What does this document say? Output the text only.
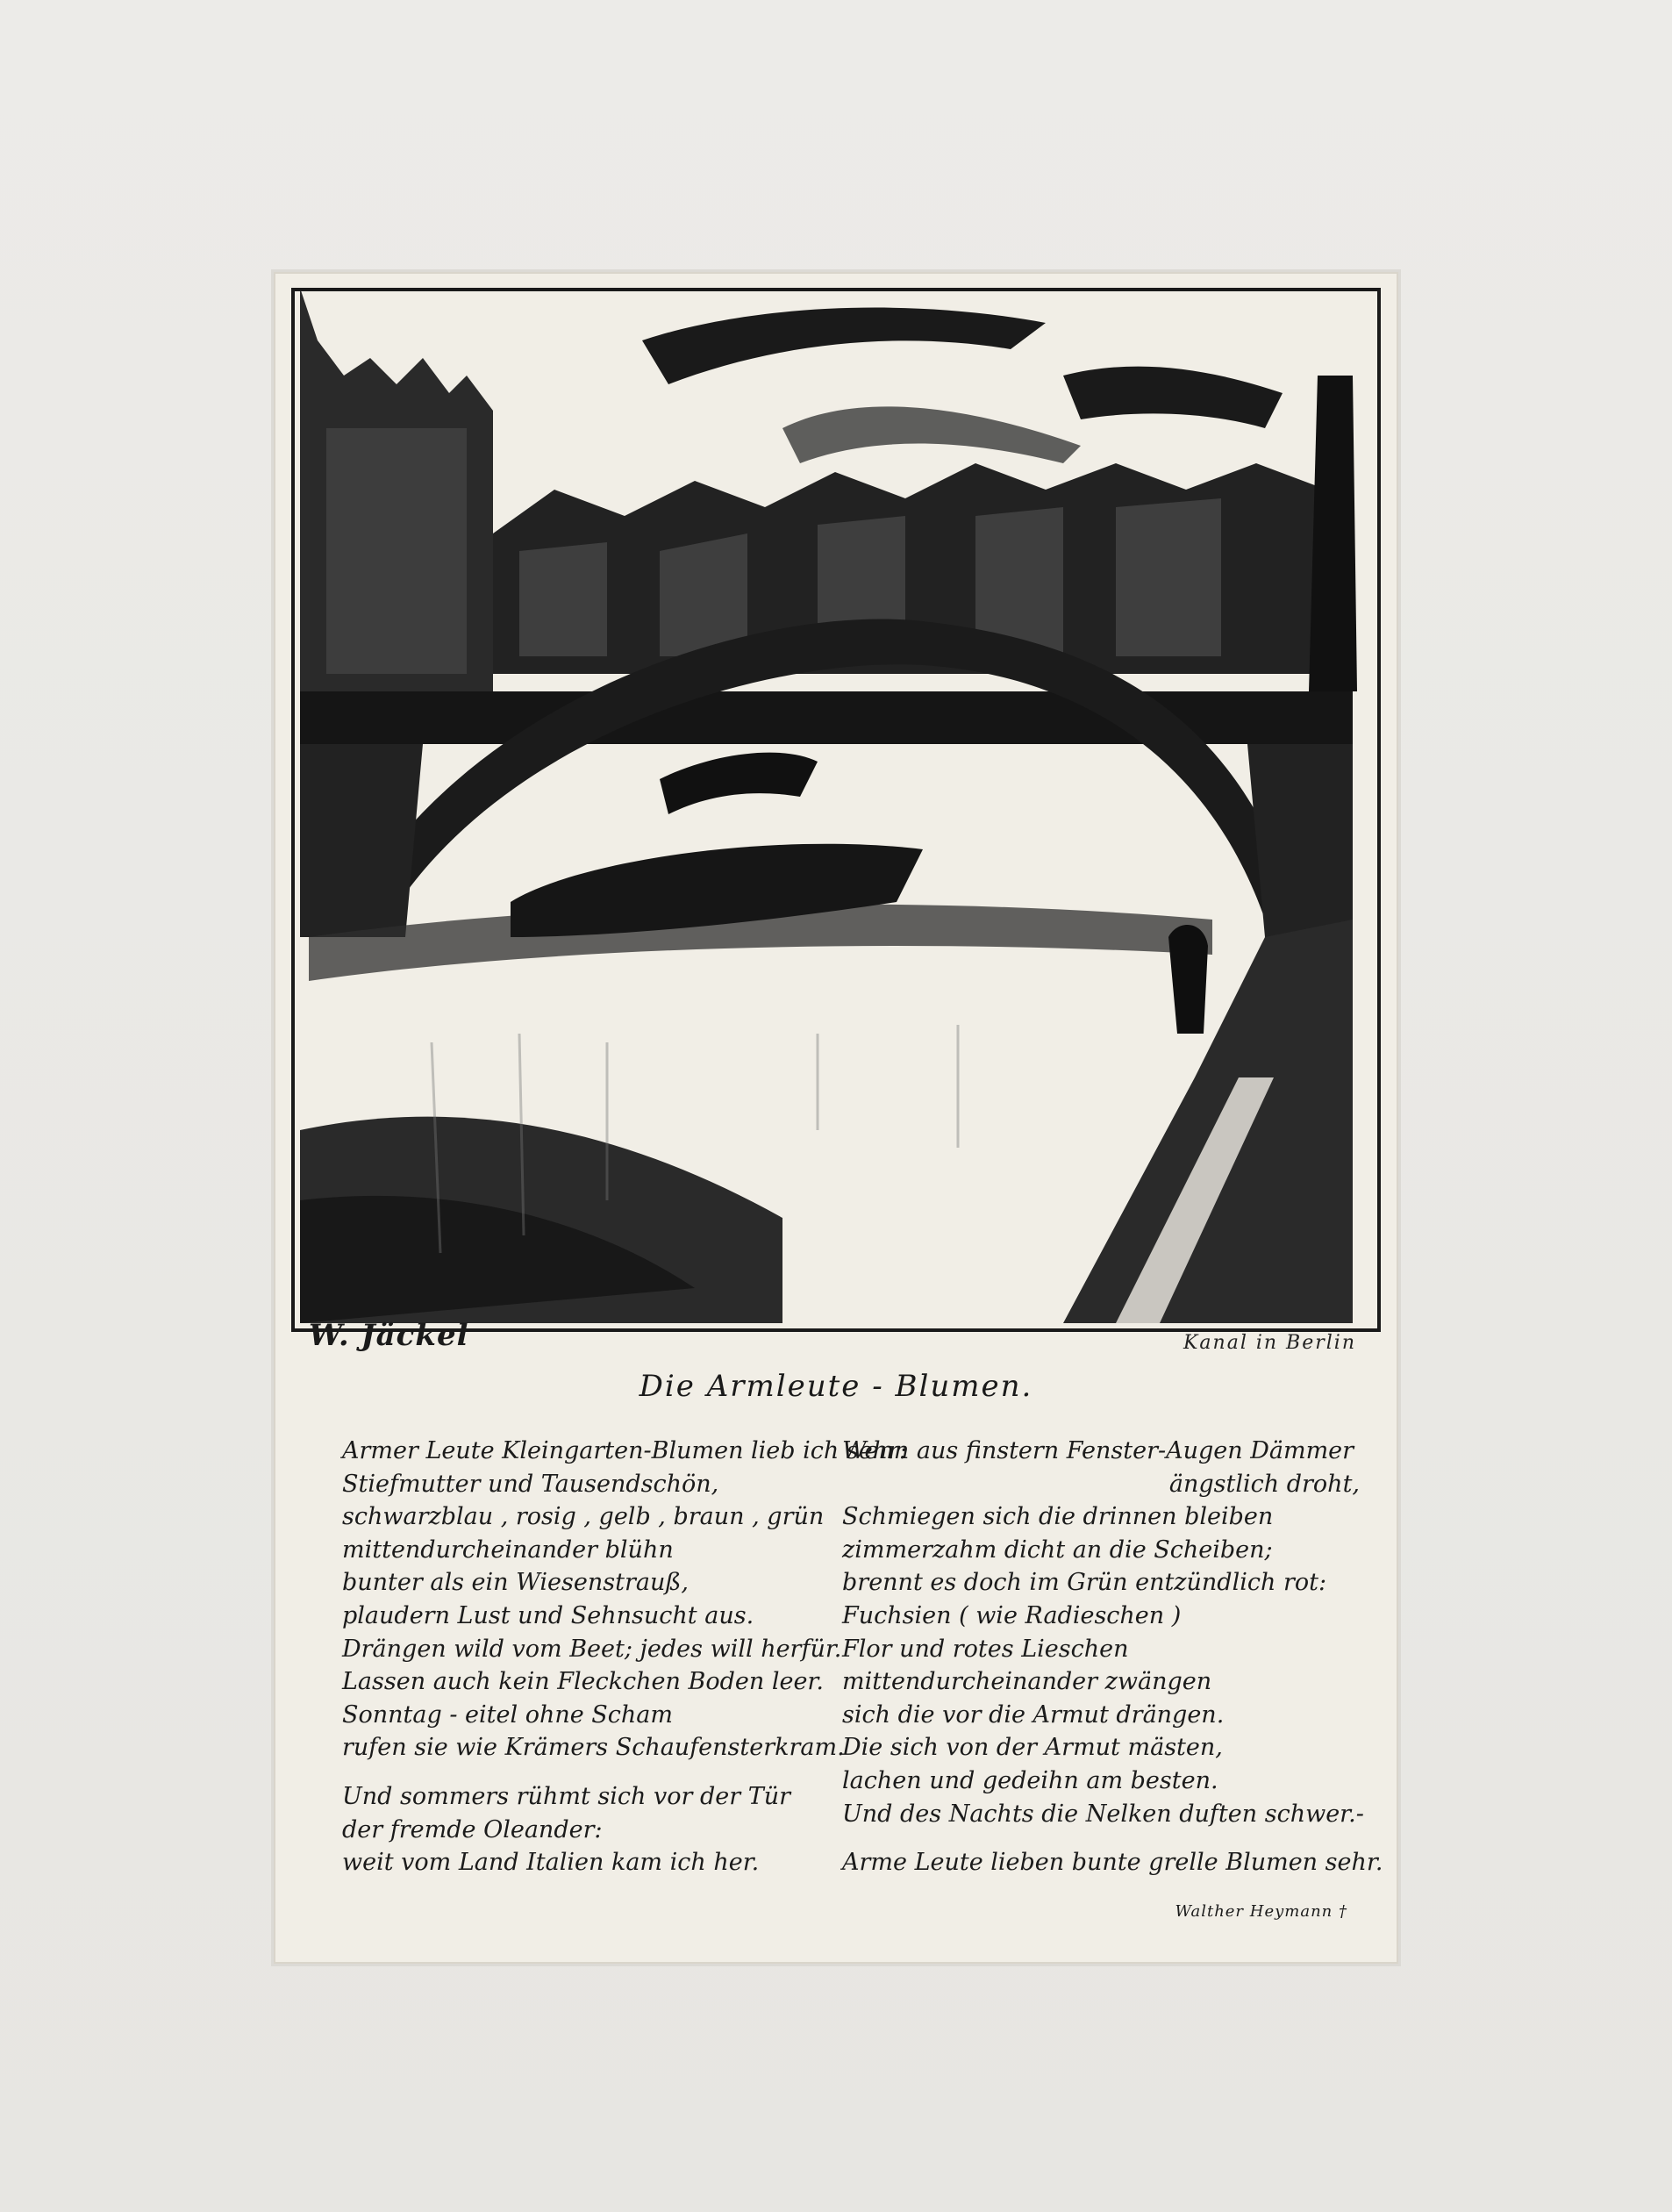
W. Jäckel	Kanal in Berlin
Die Armleute - Blumen.
Armer Leute Kleingarten-Blumen lieb ich sehr:
Stiefmutter und Tausendschön,
schwarzblau , rosig , gelb , braun , grün
mittendurcheinander blühn
bunter als ein Wiesenstrauß,
plaudern Lust und Sehnsucht aus.
Drängen wild vom Beet; jedes will herfür.
Lassen auch kein Fleckchen Boden leer.
Sonntag - eitel ohne Scham
rufen sie wie Krämers Schaufensterkram.
Und sommers rühmt sich vor der Tür
der fremde Oleander:
weit vom Land Italien kam ich her.
Wenn aus finstern Fenster-Augen Dämmer
ängstlich droht,
Schmiegen sich die drinnen bleiben
zimmerzahm dicht an die Scheiben;
brennt es doch im Grün entzündlich rot:
Fuchsien ( wie Radieschen )
Flor und rotes Lieschen
mittendurcheinander zwängen
sich die vor die Armut drängen.
Die sich von der Armut mästen,
lachen und gedeihn am besten.
Und des Nachts die Nelken duften schwer.-
Arme Leute lieben bunte grelle Blumen sehr.
Walther Heymann †
